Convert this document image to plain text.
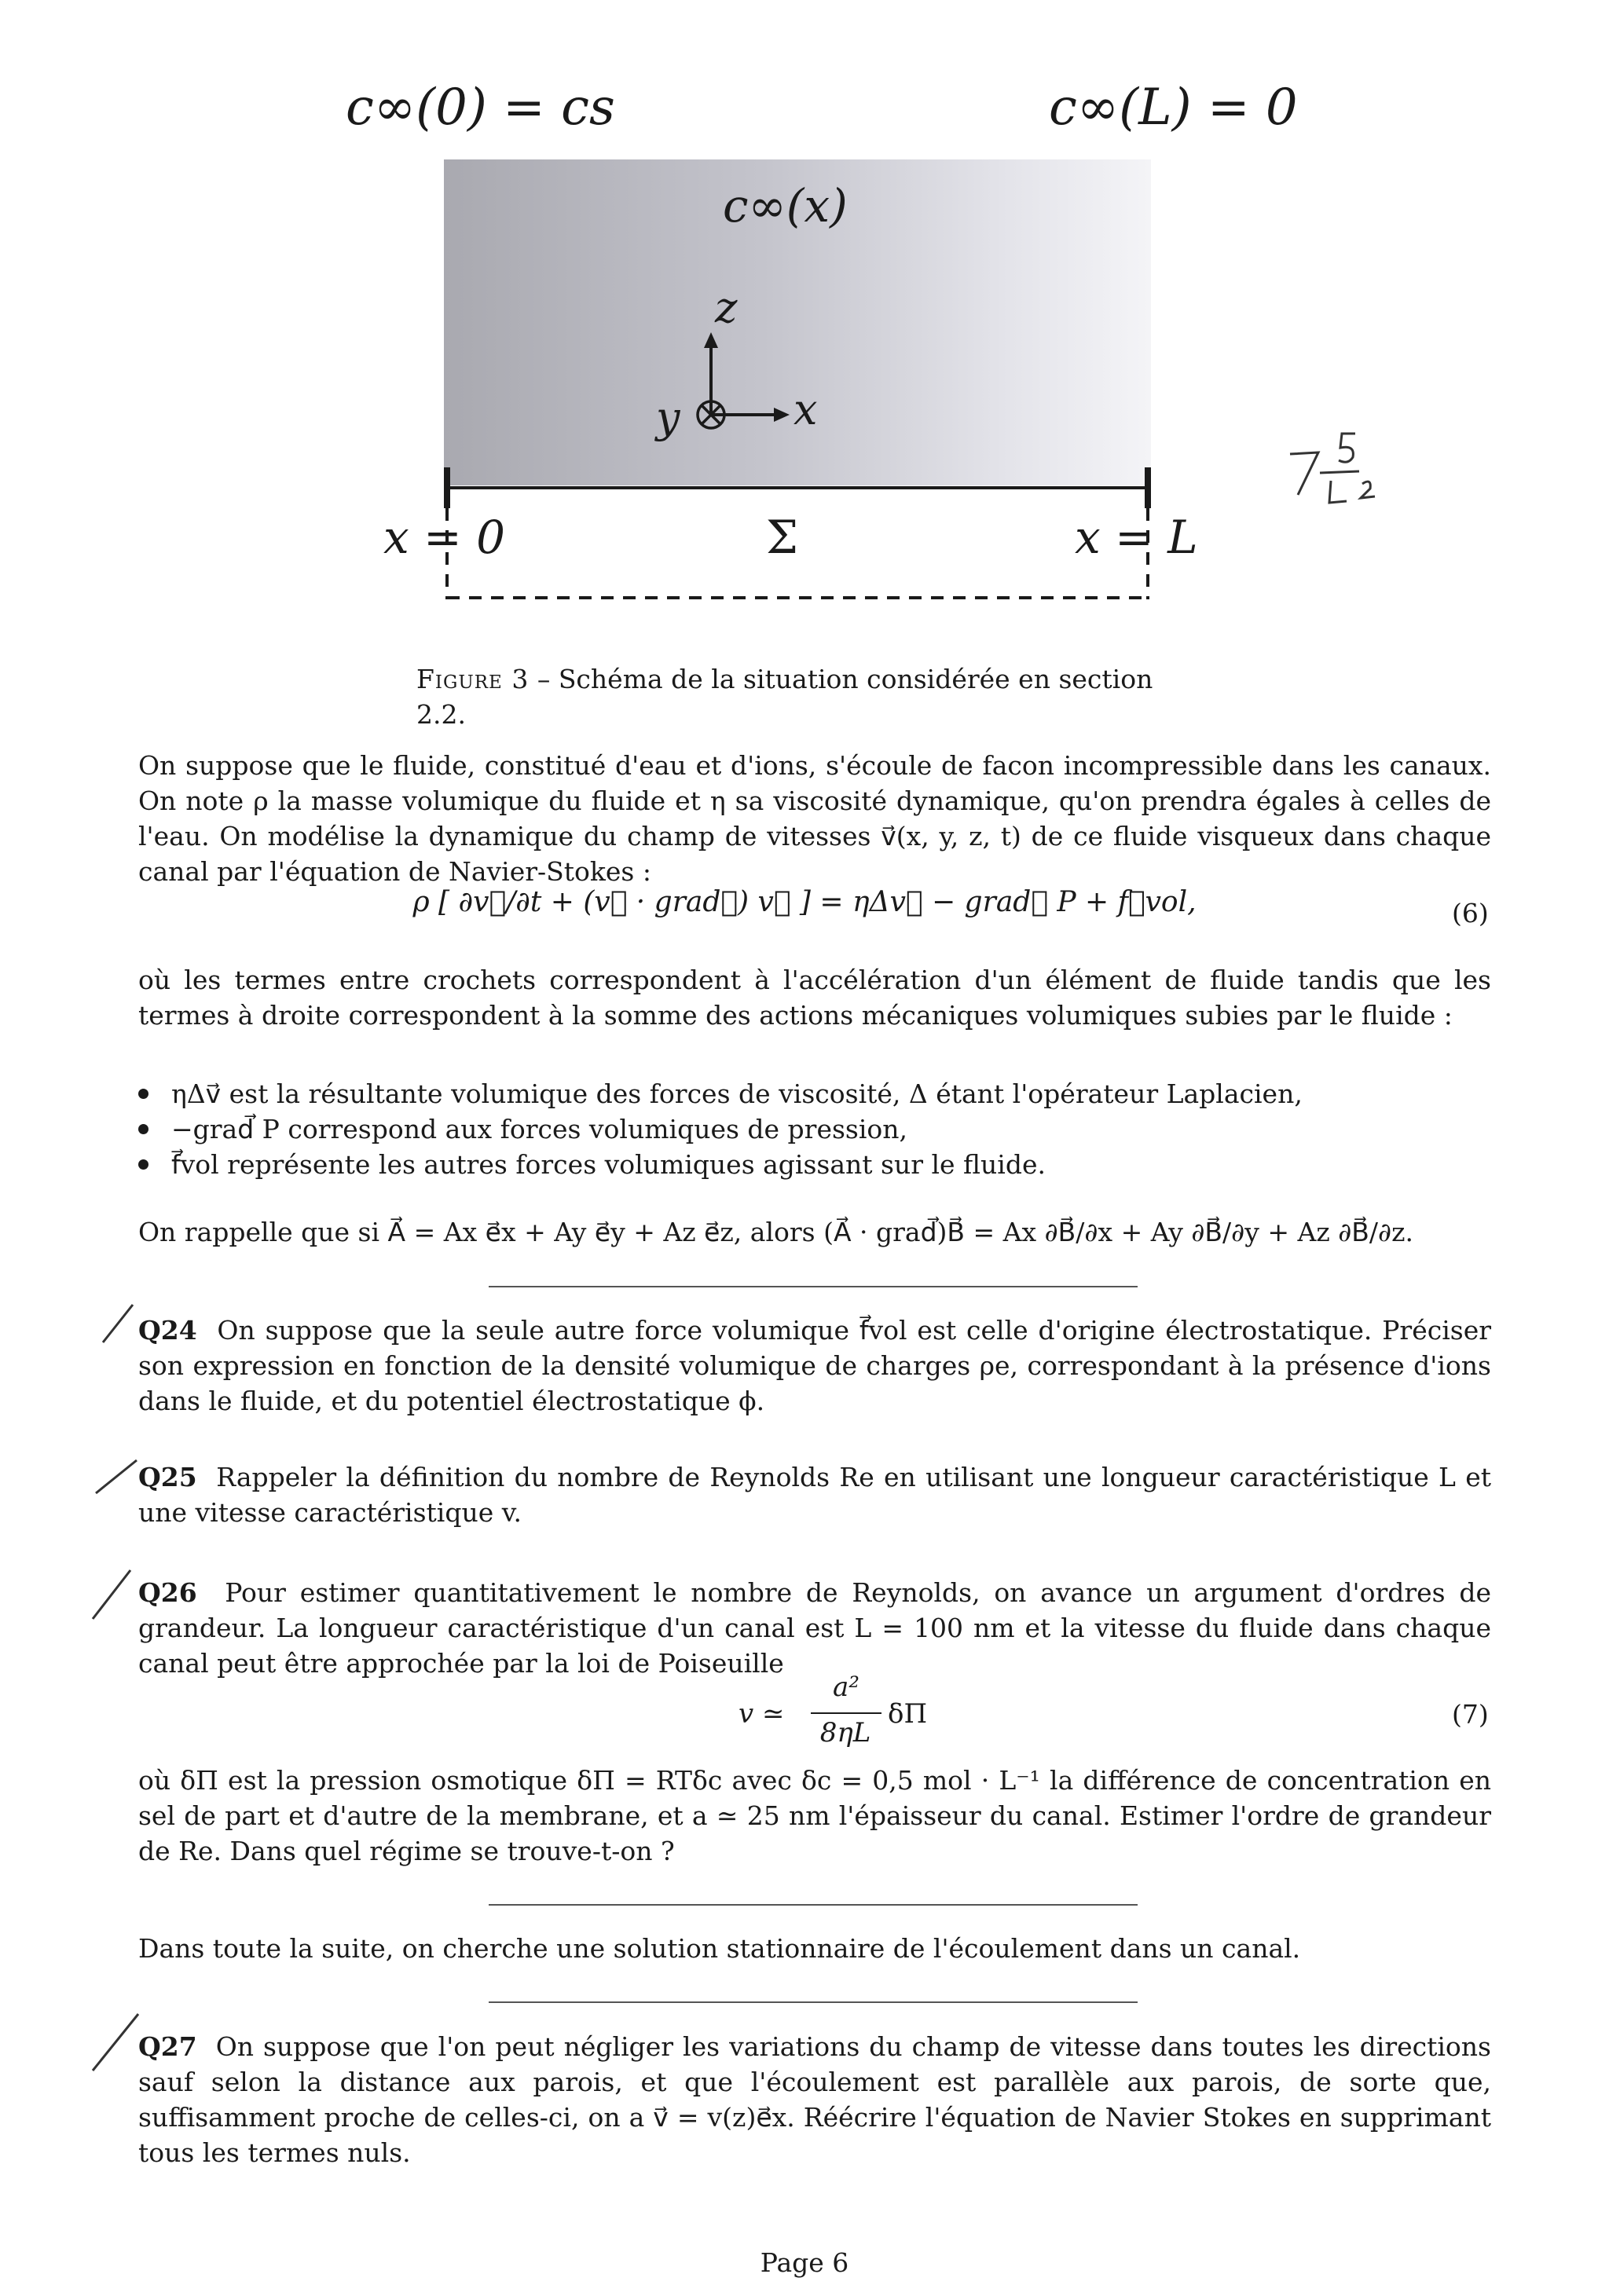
c∞(0) = cs	c∞(L) = 0
c∞(x)
z
x
y
x = 0	Σ	x = L
Figure 3 – Schéma de la situation considérée en section 2.2.
On suppose que le fluide, constitué d'eau et d'ions, s'écoule de facon incompressible dans les canaux. On note ρ la masse volumique du fluide et η sa viscosité dynamique, qu'on prendra égales à celles de l'eau. On modélise la dynamique du champ de vitesses v⃗(x, y, z, t) de ce fluide visqueux dans chaque canal par l'équation de Navier-Stokes :
ρ [ ∂v⃗/∂t + (v⃗ · grad⃗) v⃗ ] = ηΔv⃗ − grad⃗ P + f⃗vol,	(6)
où les termes entre crochets correspondent à l'accélération d'un élément de fluide tandis que les termes à droite correspondent à la somme des actions mécaniques volumiques subies par le fluide :
ηΔv⃗ est la résultante volumique des forces de viscosité, Δ étant l'opérateur Laplacien,
−grad⃗ P correspond aux forces volumiques de pression,
f⃗vol représente les autres forces volumiques agissant sur le fluide.
On rappelle que si A⃗ = Ax e⃗x + Ay e⃗y + Az e⃗z, alors (A⃗ · grad⃗)B⃗ = Ax ∂B⃗/∂x + Ay ∂B⃗/∂y + Az ∂B⃗/∂z.
Q24 On suppose que la seule autre force volumique f⃗vol est celle d'origine électrostatique. Préciser son expression en fonction de la densité volumique de charges ρe, correspondant à la présence d'ions dans le fluide, et du potentiel électrostatique ϕ.
Q25 Rappeler la définition du nombre de Reynolds Re en utilisant une longueur caractéristique L et une vitesse caractéristique v.
Q26 Pour estimer quantitativement le nombre de Reynolds, on avance un argument d'ordres de grandeur. La longueur caractéristique d'un canal est L = 100 nm et la vitesse du fluide dans chaque canal peut être approchée par la loi de Poiseuille
v ≃
a²
8ηL
δΠ	(7)
où δΠ est la pression osmotique δΠ = RTδc avec δc = 0,5 mol · L⁻¹ la différence de concentration en sel de part et d'autre de la membrane, et a ≃ 25 nm l'épaisseur du canal. Estimer l'ordre de grandeur de Re. Dans quel régime se trouve-t-on ?
Dans toute la suite, on cherche une solution stationnaire de l'écoulement dans un canal.
Q27 On suppose que l'on peut négliger les variations du champ de vitesse dans toutes les directions sauf selon la distance aux parois, et que l'écoulement est parallèle aux parois, de sorte que, suffisamment proche de celles-ci, on a v⃗ = v(z)e⃗x. Réécrire l'équation de Navier Stokes en supprimant tous les termes nuls.
Page 6
